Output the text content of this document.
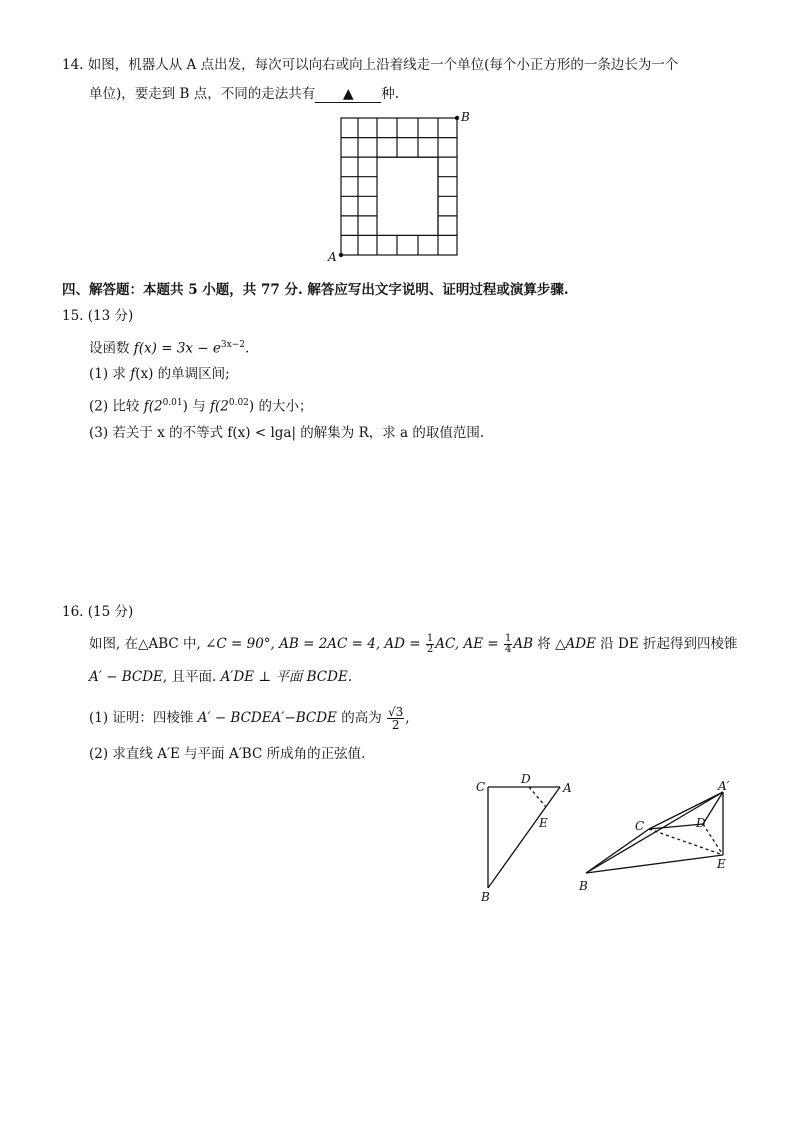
14. 如图，机器人从 A 点出发，每次可以向右或向上沿着线走一个单位(每个小正方形的一条边长为一个
单位)，要走到 B 点，不同的走法共有 ▲ 种.
A
B
四、解答题：本题共 5 小题，共 77 分. 解答应写出文字说明、证明过程或演算步骤.
15. (13 分)
设函数 $f(x) = 3x - e^{3x-2}$.
(1) 求 f(x) 的单调区间;
(2) 比较 $f(2^{0.01})$ 与 $f(2^{0.02})$ 的大小；
(3) 若关于 x 的不等式 f(x) < lga| 的解集为 R，求 a 的取值范围.
16. (15 分)
如图, 在△ABC 中, ∠C = 90°, AB = 2AC = 4, AD = $\frac{1}{2}$ AC, AE = $\frac{1}{4}$ AB 将 △ADE 沿 DE 折起得到四棱锥
A′ − BCDE, 且平面. A′DE ⊥ 平面 BCDE.
(1) 证明：四棱锥 A′ − BCDEA′−BCDE 的高为 $\frac{√3}{2}$ ,
(2) 求直线 A′E 与平面 A′BC 所成角的正弦值.
C
D
A
E
B
A′
C	D
E
B
